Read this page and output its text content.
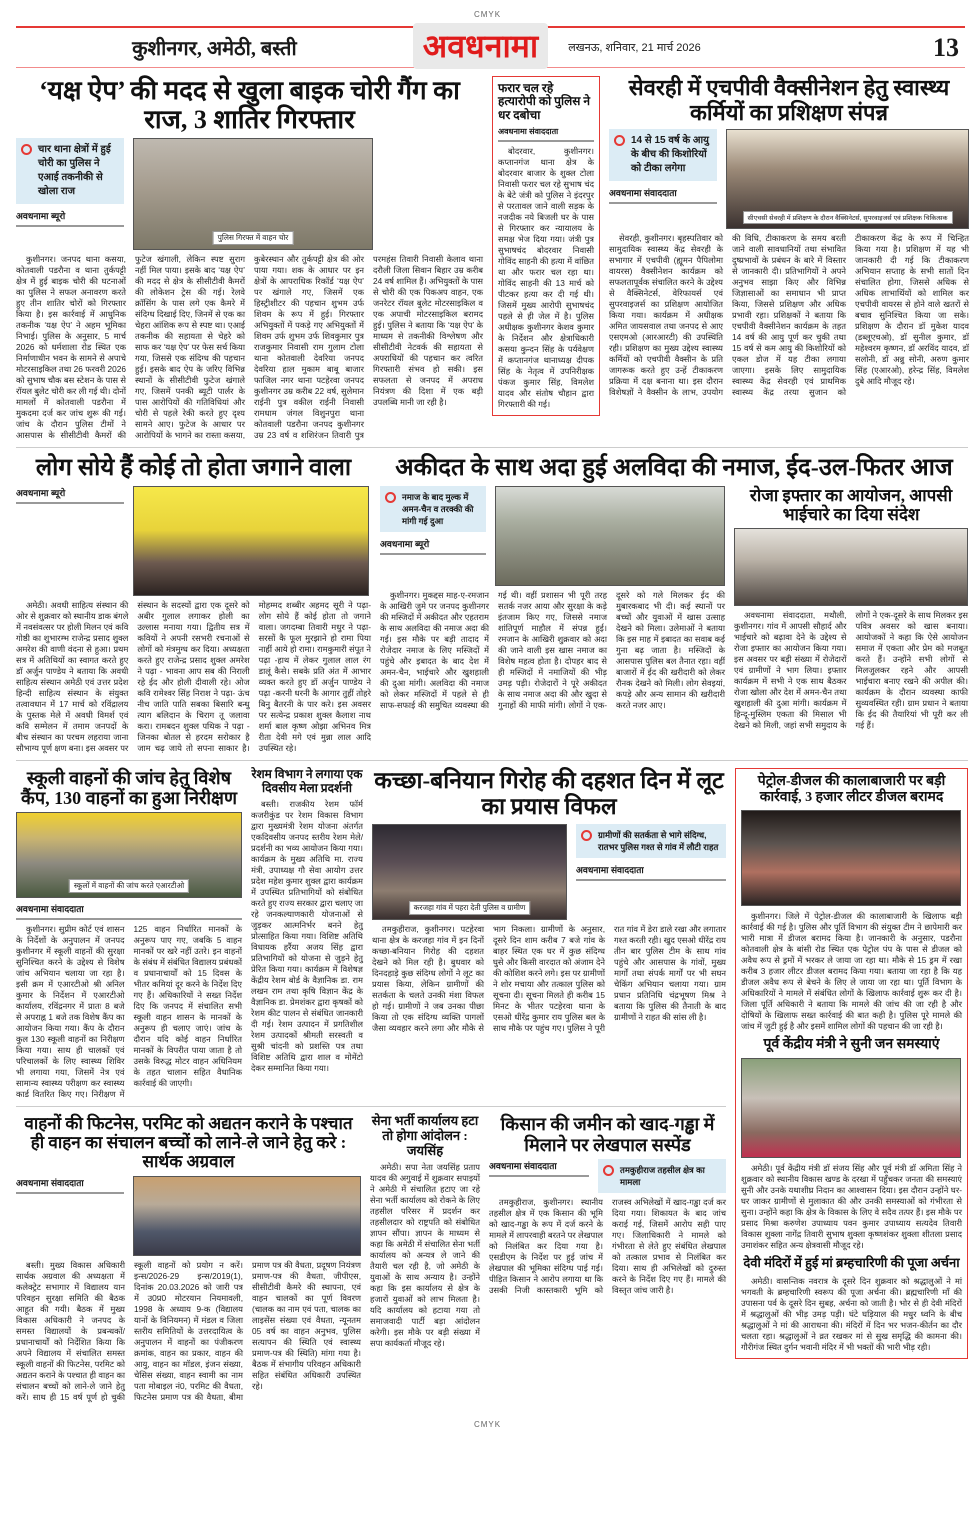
CMYK
कुशीनगर, अमेठी, बस्ती	अवधनामा	लखनऊ, शनिवार, 21 मार्च 2026	13
‘यक्ष ऐप’ की मदद से खुला बाइक चोरी गैंग का राज, 3 शातिर गिरफ्तार
चार थाना क्षेत्रों में हुई चोरी का पुलिस ने एआई तकनीकी से खोला राज
अवधनामा ब्यूरो
पुलिस गिरफ्त में वाहन चोर

कुशीनगर। जनपद थाना कसया, कोतवाली पडरौना व थाना तुर्कपट्टी क्षेत्र में हुई बाइक चोरी की घटनाओं का पुलिस ने सफल अनावरण करते हुए तीन शातिर चोरों को गिरफ्तार किया है। इस कार्रवाई में आधुनिक तकनीक ‘यक्ष ऐप’ ने अहम भूमिका निभाई। पुलिस के अनुसार, 5 मार्च 2026 को धर्मशाला रोड स्थित एक निर्माणाधीन भवन के सामने से अपाचे मोटरसाइकिल तथा 26 फरवरी 2026 को सुभाष चौक बस स्टेशन के पास से रॉयल बुलेट चोरी कर ली गई थी। दोनों मामलों में कोतवाली पडरौना में मुकदमा दर्ज कर जांच शुरू की गई। जांच के दौरान पुलिस टीमों ने आसपास के सीसीटीवी कैमरों की फुटेज खंगाली, लेकिन स्पष्ट सुराग नहीं मिल पाया। इसके बाद ‘यक्ष ऐप’ की मदद से क्षेत्र के सीसीटीवी कैमरों की लोकेशन ट्रेस की गई। रेलवे क्रॉसिंग के पास लगे एक कैमरे में संदिग्ध दिखाई दिए, जिनमें से एक का चेहरा आंशिक रूप से स्पष्ट था। एआई तकनीक की सहायता से चेहरे को साफ कर ‘यक्ष ऐप’ पर फेस सर्च किया गया, जिससे एक संदिग्ध की पहचान हुई। इसके बाद ऐप के जरिए विभिन्न स्थानों के सीसीटीवी फुटेज खंगाले गए, जिसमें पनकी ब्यूटी पार्लर के पास आरोपियों की गतिविधियां और चोरी से पहले रेकी करते हुए दृश्य सामने आए। फुटेज के आधार पर आरोपियों के भागने का रास्ता कसया, कुबेरस्थान और तुर्कपट्टी क्षेत्र की ओर पाया गया। शक के आधार पर इन क्षेत्रों के आपराधिक रिकॉर्ड ‘यक्ष ऐप’ पर खंगाले गए, जिसमें एक हिस्ट्रीशीटर की पहचान शुभम उर्फ शिवम के रूप में हुई। गिरफ्तार अभियुक्तों में पकड़े गए अभियुक्तों में शिवम उर्फ शुभम उर्फ शिवकुमार पुत्र राजकुमार निवासी राम गुलाम टोला थाना कोतवाली देवरिया जनपद देवरिया हाल मुकाम बाबू बाजार फाजिल नगर थाना पटहेरवा जनपद कुशीनगर उम्र करीब 22 वर्ष, सुलेमान राईनी पुत्र वकील राईनी निवासी रामधाम जंगल विशुनपुरा थाना कोतवाली पडरौना जनपद कुशीनगर उम्र 23 वर्ष व शशिरंजन तिवारी पुत्र परमहंस तिवारी निवासी केलाव थाना दरौली जिला सिवान बिहार उम्र करीब 24 वर्ष शामिल हैं। अभियुक्तों के पास से चोरी की एक पिकअप वाहन, एक जनरेटर रॉयल बुलेट मोटरसाइकिल व एक अपाची मोटरसाइकिल बरामद हुई। पुलिस ने बताया कि ‘यक्ष ऐप’ के माध्यम से तकनीकी विश्लेषण और सीसीटीवी नेटवर्क की सहायता से अपराधियों की पहचान कर त्वरित गिरफ्तारी संभव हो सकी। इस सफलता से जनपद में अपराध नियंत्रण की दिशा में एक बड़ी उपलब्धि मानी जा रही है।

फरार चल रहे हत्यारोपी को पुलिस ने धर दबोचा
अवधनामा संवाददाता

बोदरवार, कुशीनगर। कप्तानगंज थाना क्षेत्र के बोदरवार बाजार के शुक्ल टोला निवासी फरार चल रहे सुभाष चंद के बेटे जंत्री को पुलिस ने इंदरपुर से परतावल जाने वाली सड़क के नजदीक नये बिजली घर के पास से गिरफ्तार कर न्यायालय के समक्ष भेज दिया गया। जंत्री पुत्र सुभाषचंद बोदरवार निवासी गोविंद साहनी की हत्या में वांछित था और फरार चल रहा था। गोविंद साहनी की 13 मार्च को पीटकर हत्या कर दी गई थी। जिसमें मुख्य आरोपी सुभाषचंद पहले से ही जेल में है। पुलिस अधीक्षक कुशीनगर केशव कुमार के निर्देशन और क्षेत्राधिकारी कसया कुन्दन सिंह के पर्यवेक्षण में कप्तानगंज थानाध्यक्ष दीपक सिंह के नेतृत्व में उपनिरीक्षक पंकज कुमार सिंह, विमलेश यादव और संतोष चौहान द्वारा गिरफ्तारी की गई।

सेवरही में एचपीवी वैक्सीनेशन हेतु स्वास्थ्य कर्मियों का प्रशिक्षण संपन्न
14 से 15 वर्ष के आयु के बीच की किशोरियों को टीका लगेगा
अवधनामा संवाददाता
सीएचसी सेवरही में प्रशिक्षण के दौरान वैक्सिनेटर्स, सुपरवाइजर्स एवं प्रशिक्षक चिकित्सक

सेवरही, कुशीनगर। बृहस्पतिवार को सामुदायिक स्वास्थ्य केंद्र सेवरही के सभागार में एचपीवी (ह्यूमन पैपिलोमा वायरस) वैक्सीनेशन कार्यक्रम को सफलतापूर्वक संचालित करने के उद्देश्य से वैक्सिनेटर्स, वेरिफायर्स एवं सुपरवाइजर्स का प्रशिक्षण आयोजित किया गया। कार्यक्रम में अधीक्षक अमित जायसवाल तथा जनपद से आए एसएमओ (आरआरटी) की उपस्थिति रही। प्रशिक्षण का मुख्य उद्देश्य स्वास्थ्य कर्मियों को एचपीवी वैक्सीन के प्रति जागरूक करते हुए उन्हें टीकाकरण प्रक्रिया में दक्ष बनाना था। इस दौरान विशेषज्ञों ने वैक्सीन के लाभ, उपयोग की विधि, टीकाकरण के समय बरती जाने वाली सावधानियों तथा संभावित दुष्प्रभावों के प्रबंधन के बारे में विस्तार से जानकारी दी। प्रतिभागियों ने अपने अनुभव साझा किए और विभिन्न जिज्ञासाओं का समाधान भी प्राप्त किया, जिससे प्रशिक्षण और अधिक प्रभावी रहा। प्रशिक्षकों ने बताया कि एचपीवी वैक्सीनेशन कार्यक्रम के तहत 14 वर्ष की आयु पूर्ण कर चुकी तथा 15 वर्ष से कम आयु की किशोरियों को एकल डोज में यह टीका लगाया जाएगा। इसके लिए सामुदायिक स्वास्थ्य केंद्र सेवरही एवं प्राथमिक स्वास्थ्य केंद्र तरया सुजान को टीकाकरण केंद्र के रूप में चिन्हित किया गया है। प्रशिक्षण में यह भी जानकारी दी गई कि टीकाकरण अभियान सप्ताह के सभी सातों दिन संचालित होगा, जिससे अधिक से अधिक लाभार्थियों को शामिल कर एचपीवी वायरस से होने वाले खतरों से बचाव सुनिश्चित किया जा सके। प्रशिक्षण के दौरान डॉ मुकेश यादव (डब्लूएचओ), डॉ सुनील कुमार, डॉ महेश्वरम कृष्णन, डॉ अरविंद यादव, डॉ सलोनी, डॉ अन्नु सोनी, अरुण कुमार सिंह (एआरओ), हरेन्द्र सिंह, विमलेश दुबे आदि मौजूद रहे।

लोग सोये हैं कोई तो होता जगाने वाला	अकीदत के साथ अदा हुई अलविदा की नमाज, ईद-उल-फितर आज
अवधनामा ब्यूरो

अमेठी। अवधी साहित्य संस्थान की ओर से शुक्रवार को स्थानीय डाक बंगले में नवसंवत्सर पर होली मिलन एवं कवि गोष्ठी का शुभारम्भ राजेन्द्र प्रसाद शुक्ल अमरेश की वाणी वंदना से हुआ। प्रथम सत्र में अतिथियों का स्वागत करते हुए डॉ अर्जुन पाण्डेय ने बताया कि अवधी साहित्य संस्थान अमेठी एवं उत्तर प्रदेश हिन्दी साहित्य संस्थान के संयुक्त तत्वावधान में 17 मार्च को रविंद्रालय के पुस्तक मेले में अवधी विमर्श एवं कवि सम्मेलन में तमाम जनपदों के बीच संस्थान का परचम लहराया जाना सौभाग्य पूर्ण क्षण बना। इस अवसर पर संस्थान के सदस्यों द्वारा एक दूसरे को अबीर गुलाल लगाकर होली का उल्लास मनाया गया। द्वितीय सत्र में कवियों ने अपनी रसभरी रचनाओं से लोगों को मंत्रमुग्ध कर दिया। अध्यक्षता करते हुए राजेन्द्र प्रसाद शुक्ल अमरेश ने पढ़ा - भावना आप सब की निराली रहे ईद और होली दीवाली रहे। ओज कवि रामेश्वर सिंह निराश ने पढ़ा- ऊंच नीच जाति पाति सबका बिसारि बन्धु त्याग बलिदान के चिराग तू जलावा करा। रामबदन शुक्ल पथिक ने पढ़ा - जिनका बोतल से हरदम सरोकार है जाम चढ़ जाये तो सपना साकार है। मोहम्मद शब्बीर अहमद सूरी ने पढ़ा- लोग सोये हैं कोई होता तो जगाने वाला। जगदम्बा तिवारी मधुर ने पढ़ा- सरसों कै फूल मुरझाने हो रामा पिया नाहीं आये हो रामा। रामकुमारी संपूत ने पढ़ा -हाथ में लेकर गुलाल लाल रंग डालूं कैसे। सबके प्रति अंत में आभार व्यक्त करते हुए डॉ अर्जुन पाण्डेय ने पढ़ा -करनी धरनी कै आगार तुहीं तोहरे बिनु बैतरनी के पार करे। इस अवसर पर सत्येन्द्र प्रकाश शुक्ल कैलाश नाथ शर्मा बाल कृष्ण ओझा अभिनव मित्र रीता देवी मगे एवं मुन्ना लाल आदि उपस्थित रहे।

नमाज के बाद मुल्क में अमन-चैन व तरक्की की मांगी गई दुआ
अवधनामा ब्यूरो

कुशीनगर। मुकद्दस माह-ए-रमजान के आखिरी जुमे पर जनपद कुशीनगर की मस्जिदों में अकीदत और एहतराम के साथ अलविदा की नमाज अदा की गई। इस मौके पर बड़ी तादाद में रोजेदार नमाज के लिए मस्जिदों में पहुंचे और इबादत के बाद देश में अमन-चैन, भाईचारे और खुशहाली की दुआ मांगी। अलविदा की नमाज को लेकर मस्जिदों में पहले से ही साफ-सफाई की समुचित व्यवस्था की गई थी। वहीं प्रशासन भी पूरी तरह सतर्क नजर आया और सुरक्षा के कड़े इंतजाम किए गए, जिससे नमाज शांतिपूर्ण माहौल में संपन्न हुई। रमजान के आखिरी शुक्रवार को अदा की जाने वाली इस खास नमाज का विशेष महत्व होता है। दोपहर बाद से ही मस्जिदों में नमाजियों की भीड़ उमड़ पड़ी। रोजेदारों ने पूरे अकीदत के साथ नमाज अदा की और खुदा से गुनाहों की माफी मांगी। लोगों ने एक-दूसरे को गले मिलकर ईद की मुबारकबाद भी दी। कई स्थानों पर बच्चों और युवाओं में खास उत्साह देखने को मिला। उलेमाओं ने बताया कि इस माह में इबादत का सवाब कई गुना बढ़ जाता है। मस्जिदों के आसपास पुलिस बल तैनात रहा। वहीं बाजारों में ईद की खरीदारी को लेकर रौनक देखने को मिली। लोग सेवइयां, कपड़े और अन्य सामान की खरीदारी करते नजर आए।

रोजा इफ्तार का आयोजन, आपसी भाईचारे का दिया संदेश

अवधनामा संवाददाता, मथौली, कुशीनगर। गांव में आपसी सौहार्द और भाईचारे को बढ़ावा देने के उद्देश्य से रोजा इफ्तार का आयोजन किया गया। इस अवसर पर बड़ी संख्या में रोजेदारों एवं ग्रामीणों ने भाग लिया। इफ्तार कार्यक्रम में सभी ने एक साथ बैठकर रोजा खोला और देश में अमन-चैन तथा खुशहाली की दुआ मांगी। कार्यक्रम में हिन्दू-मुस्लिम एकता की मिसाल भी देखने को मिली, जहां सभी समुदाय के लोगों ने एक-दूसरे के साथ मिलकर इस पवित्र अवसर को खास बनाया। आयोजकों ने कहा कि ऐसे आयोजन समाज में एकता और प्रेम को मजबूत करते हैं। उन्होंने सभी लोगों से मिलजुलकर रहने और आपसी भाईचारा बनाए रखने की अपील की। कार्यक्रम के दौरान व्यवस्था काफी सुव्यवस्थित रही। ग्राम प्रधान ने बताया कि ईद की तैयारियां भी पूरी कर ली गई हैं।

स्कूली वाहनों की जांच हेतु विशेष कैंप, 130 वाहनों का हुआ निरीक्षण
स्कूलों में वाहनों की जांच करते एआरटीओ
अवधनामा संवाददाता

कुशीनगर। सुप्रीम कोर्ट एवं शासन के निर्देशों के अनुपालन में जनपद कुशीनगर में स्कूली वाहनों की सुरक्षा सुनिश्चित करने के उद्देश्य से विशेष जांच अभियान चलाया जा रहा है। इसी क्रम में एआरटीओ श्री अनिल कुमार के निर्देशन में एआरटीओ कार्यालय, रविंद्रनगर में प्रातः 8 बजे से अपराह्न 1 बजे तक विशेष कैंप का आयोजन किया गया। कैंप के दौरान कुल 130 स्कूली वाहनों का निरीक्षण किया गया। साथ ही चालकों एवं परिचालकों के लिए स्वास्थ्य शिविर भी लगाया गया, जिसमें नेत्र एवं सामान्य स्वास्थ्य परीक्षण कर स्वास्थ्य कार्ड वितरित किए गए। निरीक्षण में 125 वाहन निर्धारित मानकों के अनुरूप पाए गए, जबकि 5 वाहन मानकों पर खरे नहीं उतरे। इन वाहनों के संबंध में संबंधित विद्यालय प्रबंधकों व प्रधानाचार्यों को 15 दिवस के भीतर कमियां दूर करने के निर्देश दिए गए हैं। अधिकारियों ने सख्त निर्देश दिए कि जनपद में संचालित सभी स्कूली वाहन शासन के मानकों के अनुरूप ही चलाए जाएं। जांच के दौरान यदि कोई वाहन निर्धारित मानकों के विपरीत पाया जाता है तो उसके विरुद्ध मोटर वाहन अधिनियम के तहत चालान सहित वैधानिक कार्रवाई की जाएगी।

रेशम विभाग ने लगाया एक दिवसीय मेला प्रदर्शनी

बस्ती। राजकीय रेशम फॉर्म कजरीकुंड पर रेशम विकास विभाग द्वारा मुख्यमंत्री रेशम योजना अंतर्गत एकदिवसीय जनपद स्तरीय रेशम मेले/प्रदर्शनी का भव्य आयोजन किया गया। कार्यक्रम के मुख्य अतिथि मा. राज्य मंत्री, उपाध्यक्ष गौ सेवा आयोग उत्तर प्रदेश महेश कुमार शुक्ल द्वारा कार्यक्रम में उपस्थित प्रतिभागियों को संबोधित करते हुए राज्य सरकार द्वारा चलाए जा रहे जनकल्याणकारी योजनाओं से जुड़कर आत्मनिर्भर बनने हेतु प्रोत्साहित किया गया। विशिष्ट अतिथि विधायक हर्रैया अजय सिंह द्वारा प्रतिभागियों को योजना से जुड़ने हेतु प्रेरित किया गया। कार्यक्रम में विशेषज्ञ केंद्रीय रेशम बोर्ड के वैज्ञानिक डा. राम लखन राम तथा कृषि विज्ञान केंद्र के वैज्ञानिक डा. प्रेमशंकर द्वारा कृषकों को रेशम कीट पालन से संबंधित जानकारी दी गई। रेशम उत्पादन में प्रगतिशील रेशम उत्पादकों श्रीमती सरस्वती व सुश्री चांदनी को प्रशस्ति पत्र तथा विशिष्ट अतिथि द्वारा शाल व मोमेंटो देकर सम्मानित किया गया।

कच्छा-बनियान गिरोह की दहशत दिन में लूट का प्रयास विफल
करजहा गांव में पहरा देती पुलिस व ग्रामीण
ग्रामीणों की सतर्कता से भागे संदिग्ध, रातभर पुलिस गश्त से गांव में लौटी राहत
अवधनामा संवाददाता

तमकुहीराज, कुशीनगर। पटहेरवा थाना क्षेत्र के करजहा गांव में इन दिनों कच्छा-बनियान गिरोह की दहशत देखने को मिल रही है। बुधवार को दिनदहाड़े कुछ संदिग्ध लोगों ने लूट का प्रयास किया, लेकिन ग्रामीणों की सतर्कता के चलते उनकी मंशा विफल हो गई। ग्रामीणों ने जब उनका पीछा किया तो एक संदिग्ध व्यक्ति पागलों जैसा व्यवहार करने लगा और मौके से भाग निकला। ग्रामीणों के अनुसार, दूसरे दिन शाम करीब 7 बजे गांव के बाहर स्थित एक घर में कुछ संदिग्ध घुसे और किसी वारदात को अंजाम देने की कोशिश करने लगे। इस पर ग्रामीणों ने शोर मचाया और तत्काल पुलिस को सूचना दी। सूचना मिलते ही करीब 15 मिनट के भीतर पटहेरवा थाना के एसओ धीरेंद्र कुमार राय पुलिस बल के साथ मौके पर पहुंच गए। पुलिस ने पूरी रात गांव में डेरा डाले रखा और लगातार गश्त करती रही। खुद एसओ धीरेंद्र राय तीन बार पुलिस टीम के साथ गांव पहुंचे और आसपास के गांवों, मुख्य मार्गों तथा संपर्क मार्गों पर भी सघन चेकिंग अभियान चलाया गया। ग्राम प्रधान प्रतिनिधि चंद्रभूषण मिश्र ने बताया कि पुलिस की तैनाती के बाद ग्रामीणों ने राहत की सांस ली है।

वाहनों की फिटनेस, परमिट को अद्यतन कराने के पश्चात ही वाहन का संचालन बच्चों को लाने-ले जाने हेतु करे : सार्थक अग्रवाल
अवधनामा संवाददाता

बस्ती। मुख्य विकास अधिकारी सार्थक अग्रवाल की अध्यक्षता में कलेक्ट्रेट सभागार में विद्यालय यान परिवहन सुरक्षा समिति की बैठक आहूत की गयी। बैठक में मुख्य विकास अधिकारी ने जनपद के समस्त विद्यालयों के प्रबन्धकों/प्रधानाचार्यों को निर्देशित किया कि अपने विद्यालय में संचालित समस्त स्कूली वाहनों की फिटनेस, परमिट को अद्यतन कराने के पश्चात ही वाहन का संचालन बच्चों को लाने-ले जाने हेतु करें। साथ ही 15 वर्ष पूर्ण हो चुकी स्कूली वाहनों को प्रयोग न करें। इन्स/2026-29 इन्स/2019(1), दिनांक 20.03.2026 को जारी पत्र में उ0प्र0 मोटरयान नियमावली, 1998 के अध्याय 9-क (विद्यालय यानों के विनियमन) में मंडल व जिला स्तरीय समितियों के उत्तरदायित्व के अनुपालन में वाहनों का पंजीकरण क्रमांक, वाहन का प्रकार, वाहन की आयु, वाहन का मॉडल, इंजन संख्या, चेसिस संख्या, वाहन स्वामी का नाम पता मोबाइल नं0, परमिट की वैधता, फिटनेस प्रमाण पत्र की वैधता, बीमा प्रमाण पत्र की वैधता, प्रदूषण नियंत्रण प्रमाण-पत्र की वैधता, जीपीएस, सीसीटीवी कैमरे की स्थापना, एवं वाहन चालकों का पूर्ण विवरण (चालक का नाम एवं पता, चालक का लाइसेंस संख्या एवं वैधता, न्यूनतम 05 वर्ष का वाहन अनुभव, पुलिस सत्यापन की स्थिति एवं स्वास्थ्य प्रमाण-पत्र की स्थिति) मांगा गया है। बैठक में संभागीय परिवहन अधिकारी सहित संबंधित अधिकारी उपस्थित रहे।

सेना भर्ती कार्यालय हटा तो होगा आंदोलन : जयसिंह

अमेठी। सपा नेता जयसिंह प्रताप यादव की अगुवाई में शुक्रवार सपाइयों ने अमेठी में संचालित हटाए जा रहे सेना भर्ती कार्यालय को रोकने के लिए तहसील परिसर में प्रदर्शन कर तहसीलदार को राष्ट्रपति को संबोधित ज्ञापन सौंपा। ज्ञापन के माध्यम से कहा कि अमेठी में संचालित सेना भर्ती कार्यालय को अन्यत्र ले जाने की तैयारी चल रही है, जो अमेठी के युवाओं के साथ अन्याय है। उन्होंने कहा कि इस कार्यालय से क्षेत्र के हजारों युवाओं को लाभ मिलता है। यदि कार्यालय को हटाया गया तो समाजवादी पार्टी बड़ा आंदोलन करेगी। इस मौके पर बड़ी संख्या में सपा कार्यकर्ता मौजूद रहे।

किसान की जमीन को खाद-गड्ढा में मिलाने पर लेखपाल सस्पेंड
अवधनामा संवाददाता	तमकुहीराज तहसील क्षेत्र का मामला

तमकुहीराज, कुशीनगर। स्थानीय तहसील क्षेत्र में एक किसान की भूमि को खाद-गड्ढा के रूप में दर्ज करने के मामले में लापरवाही बरतने पर लेखपाल को निलंबित कर दिया गया है। एसडीएम के निर्देश पर हुई जांच में लेखपाल की भूमिका संदिग्ध पाई गई। पीड़ित किसान ने आरोप लगाया था कि उसकी निजी कास्तकारी भूमि को राजस्व अभिलेखों में खाद-गड्ढा दर्ज कर दिया गया। शिकायत के बाद जांच कराई गई, जिसमें आरोप सही पाए गए। जिलाधिकारी ने मामले को गंभीरता से लेते हुए संबंधित लेखपाल को तत्काल प्रभाव से निलंबित कर दिया। साथ ही अभिलेखों को दुरुस्त करने के निर्देश दिए गए हैं। मामले की विस्तृत जांच जारी है।

पेट्रोल-डीजल की कालाबाजारी पर बड़ी कार्रवाई, 3 हजार लीटर डीजल बरामद

कुशीनगर। जिले में पेट्रोल-डीजल की कालाबाजारी के खिलाफ बड़ी कार्रवाई की गई है। पुलिस और पूर्ति विभाग की संयुक्त टीम ने छापेमारी कर भारी मात्रा में डीजल बरामद किया है। जानकारी के अनुसार, पडरौना कोतवाली क्षेत्र के बांसी रोड स्थित एक पेट्रोल पंप के पास से डीजल को अवैध रूप से ड्रमों में भरकर ले जाया जा रहा था। मौके से 15 ड्रम में रखा करीब 3 हजार लीटर डीजल बरामद किया गया। बताया जा रहा है कि यह डीजल अवैध रूप से बेचने के लिए ले जाया जा रहा था। पूर्ति विभाग के अधिकारियों ने मामले में संबंधित लोगों के खिलाफ कार्रवाई शुरू कर दी है। जिला पूर्ति अधिकारी ने बताया कि मामले की जांच की जा रही है और दोषियों के खिलाफ सख्त कार्रवाई की बात कही है। पुलिस पूरे मामले की जांच में जुटी हुई है और इसमें शामिल लोगों की पहचान की जा रही है।

पूर्व केंद्रीय मंत्री ने सुनी जन समस्याएं

अमेठी। पूर्व केंद्रीय मंत्री डॉ संजय सिंह और पूर्व मंत्री डॉ अमिता सिंह ने शुक्रवार को स्थानीय विकास खण्ड के दरखा में पहुँचकर जनता की समस्याएं सुनी और उनके यथाशीघ्र निदान का आश्वासन दिया। इस दौरान उन्होंने घर-घर जाकर ग्रामीणों से मुलाकात की और उनकी समस्याओं को गंभीरता से सुना। उन्होंने कहा कि क्षेत्र के विकास के लिए वे सदैव तत्पर हैं। इस मौके पर प्रसाद मिश्रा करुणेश उपाध्याय पवन कुमार उपाध्याय सत्यदेव तिवारी विकास शुक्ला नागेंद्र तिवारी सुभाष शुक्ला कृष्णशंकर शुक्ला शीतला प्रसाद उमाशंकर सहित अन्य क्षेत्रवासी मौजूद रहे।

देवी मंदिरों में हुई मां ब्रम्हचारिणी की पूजा अर्चना

अमेठी। वासन्तिक नवरात्र के दूसरे दिन शुक्रवार को श्रद्धालुओं ने मां भगवती के ब्रम्हचारिणी स्वरूप की पूजा अर्चना की। ब्रह्मचारिणी माँ की उपासना पर्व के दूसरे दिन सुबह, अर्चना को जाती है। भोर से ही देवी मंदिरों में श्रद्धालुओं की भीड़ उमड़ पड़ी। घंटे घड़ियाल की मधुर ध्वनि के बीच श्रद्धालुओं ने मां की आराधना की। मंदिरों में दिन भर भजन-कीर्तन का दौर चलता रहा। श्रद्धालुओं ने व्रत रखकर मां से सुख समृद्धि की कामना की। गौरीगंज स्थित दुर्गन भवानी मंदिर में भी भक्तों की भारी भीड़ रही।

CMYK
